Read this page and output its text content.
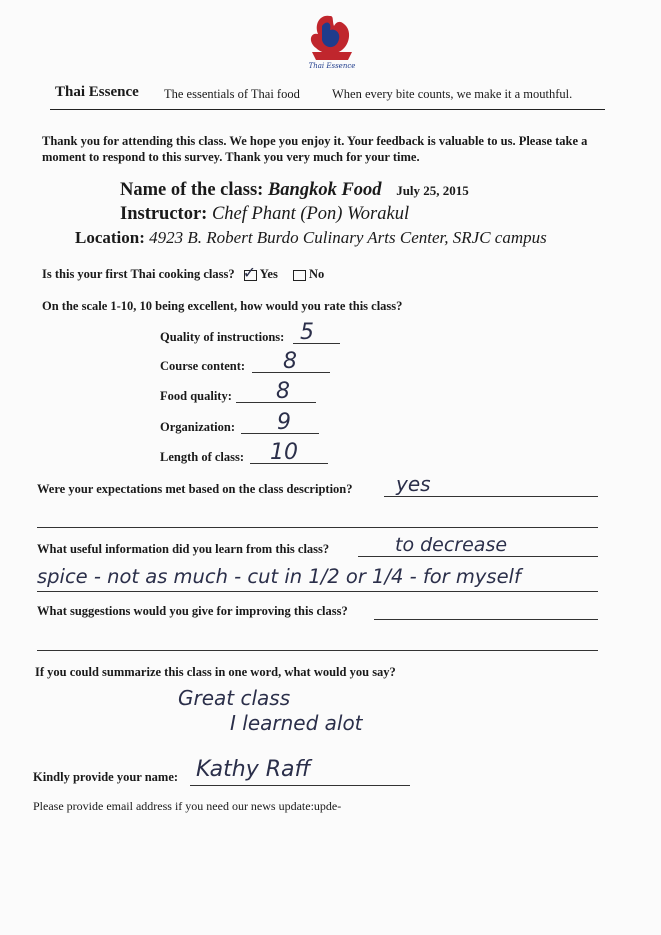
Thai Essence
Thai Essence The essentials of Thai food	When every bite counts, we make it a mouthful.
Thank you for attending this class. We hope you enjoy it. Your feedback is valuable to us. Please take a moment to respond to this survey. Thank you very much for your time.
Name of the class: Bangkok Food July 25, 2015
Instructor: Chef Phant (Pon) Worakul
Location: 4923 B. Robert Burdo Culinary Arts Center, SRJC campus
Is this your first Thai cooking class? ✓ Yes No
On the scale 1-10, 10 being excellent, how would you rate this class?
Quality of instructions: 5
Course content: 8
Food quality: 8
Organization: 9
Length of class: 10
Were your expectations met based on the class description? yes
What useful information did you learn from this class?	to decrease
spice - not as much - cut in 1/2 or 1/4 - for myself
What suggestions would you give for improving this class?
If you could summarize this class in one word, what would you say?
Great class
I learned alot
Kindly provide your name: Kathy Raff
Please provide email address if you need our news update:upde-
